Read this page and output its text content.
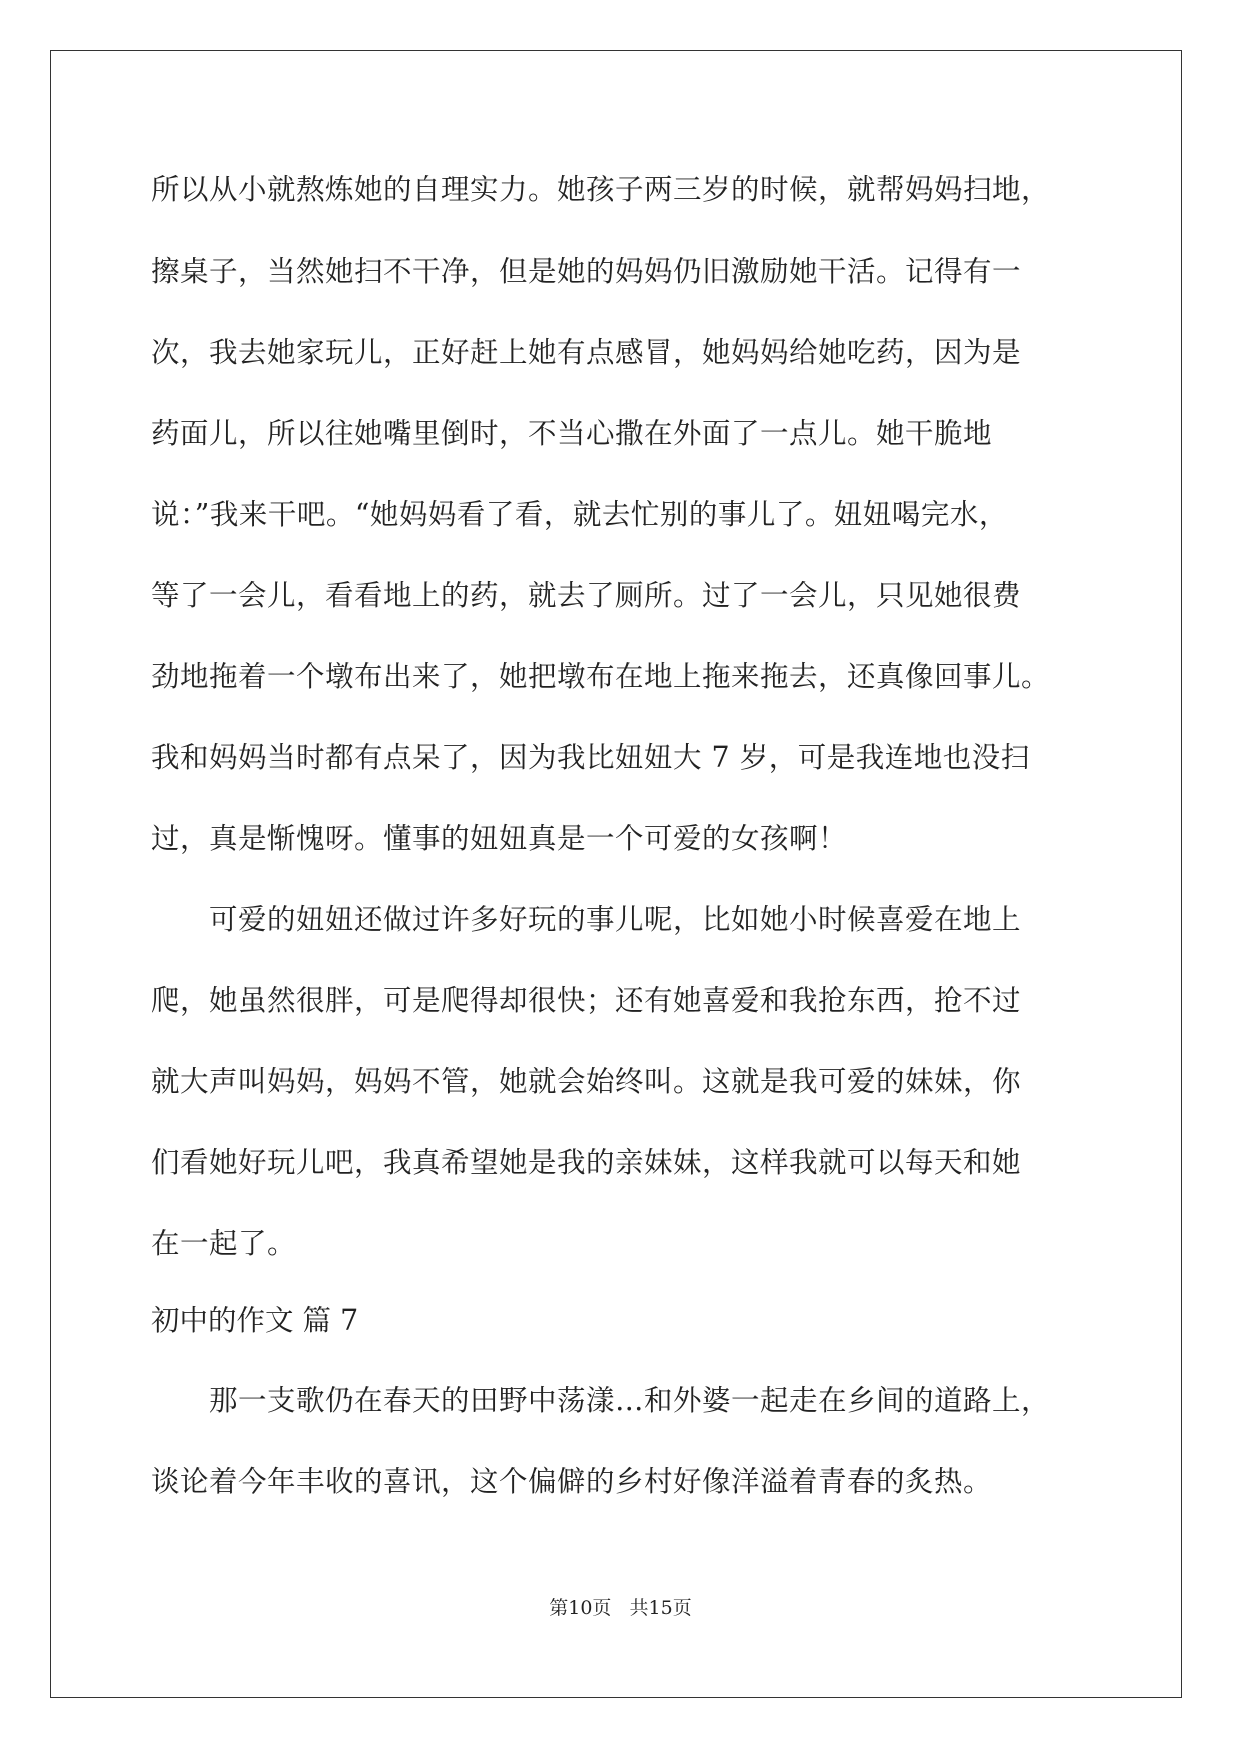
所以从小就熬炼她的自理实力。她孩子两三岁的时候，就帮妈妈扫地，
擦桌子，当然她扫不干净，但是她的妈妈仍旧激励她干活。记得有一
次，我去她家玩儿，正好赶上她有点感冒，她妈妈给她吃药，因为是
药面儿，所以往她嘴里倒时，不当心撒在外面了一点儿。她干脆地
说：”我来干吧。“她妈妈看了看，就去忙别的事儿了。妞妞喝完水，
等了一会儿，看看地上的药，就去了厕所。过了一会儿，只见她很费
劲地拖着一个墩布出来了，她把墩布在地上拖来拖去，还真像回事儿。
我和妈妈当时都有点呆了，因为我比妞妞大 7 岁，可是我连地也没扫
过，真是惭愧呀。懂事的妞妞真是一个可爱的女孩啊！
　　可爱的妞妞还做过许多好玩的事儿呢，比如她小时候喜爱在地上
爬，她虽然很胖，可是爬得却很快；还有她喜爱和我抢东西，抢不过
就大声叫妈妈，妈妈不管，她就会始终叫。这就是我可爱的妹妹，你
们看她好玩儿吧，我真希望她是我的亲妹妹，这样我就可以每天和她
在一起了。
初中的作文 篇 7
　　那一支歌仍在春天的田野中荡漾…和外婆一起走在乡间的道路上，
谈论着今年丰收的喜讯，这个偏僻的乡村好像洋溢着青春的炙热。
第10页   共15页
